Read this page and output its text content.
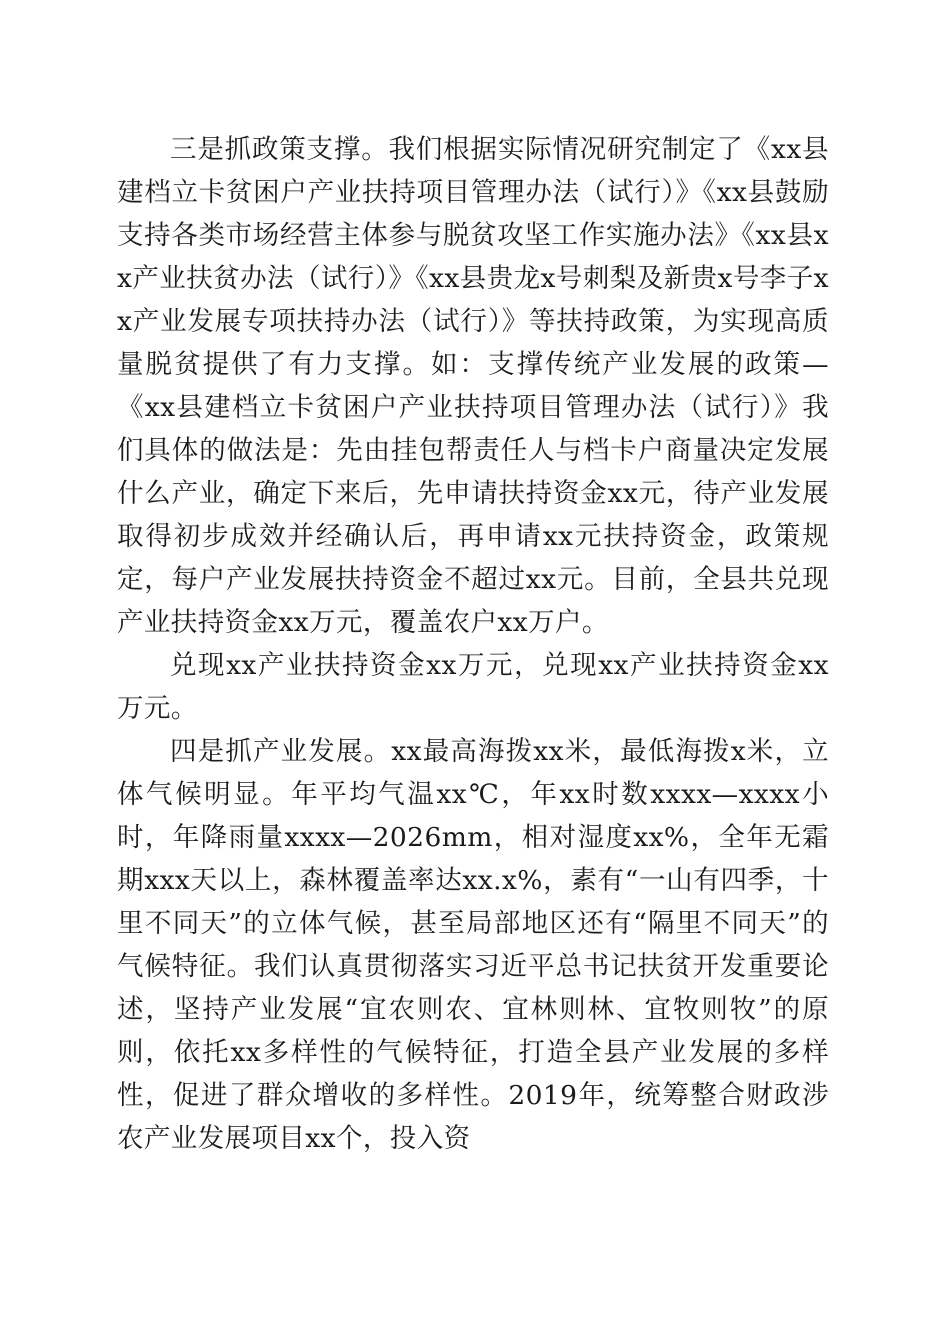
三是抓政策支撑。我们根据实际情况研究制定了《xx县建档立卡贫困户产业扶持项目管理办法（试行）》《xx县鼓励支持各类市场经营主体参与脱贫攻坚工作实施办法》《xx县xx产业扶贫办法（试行）》《xx县贵龙x号刺梨及新贵x号李子xx产业发展专项扶持办法（试行）》等扶持政策，为实现高质量脱贫提供了有力支撑。如：支撑传统产业发展的政策—《xx县建档立卡贫困户产业扶持项目管理办法（试行）》我们具体的做法是：先由挂包帮责任人与档卡户商量决定发展什么产业，确定下来后，先申请扶持资金xx元，待产业发展取得初步成效并经确认后，再申请xx元扶持资金，政策规定，每户产业发展扶持资金不超过xx元。目前，全县共兑现产业扶持资金xx万元，覆盖农户xx万户。

兑现xx产业扶持资金xx万元，兑现xx产业扶持资金xx万元。

四是抓产业发展。xx最高海拨xx米，最低海拨x米，立体气候明显。年平均气温xx℃，年xx时数xxxx—xxxx小时，年降雨量xxxx—2026mm，相对湿度xx%，全年无霜期xxx天以上，森林覆盖率达xx.x%，素有“一山有四季，十里不同天”的立体气候，甚至局部地区还有“隔里不同天”的气候特征。我们认真贯彻落实习近平总书记扶贫开发重要论述，坚持产业发展“宜农则农、宜林则林、宜牧则牧”的原则，依托xx多样性的气候特征，打造全县产业发展的多样性，促进了群众增收的多样性。2019年，统筹整合财政涉农产业发展项目xx个，投入资
